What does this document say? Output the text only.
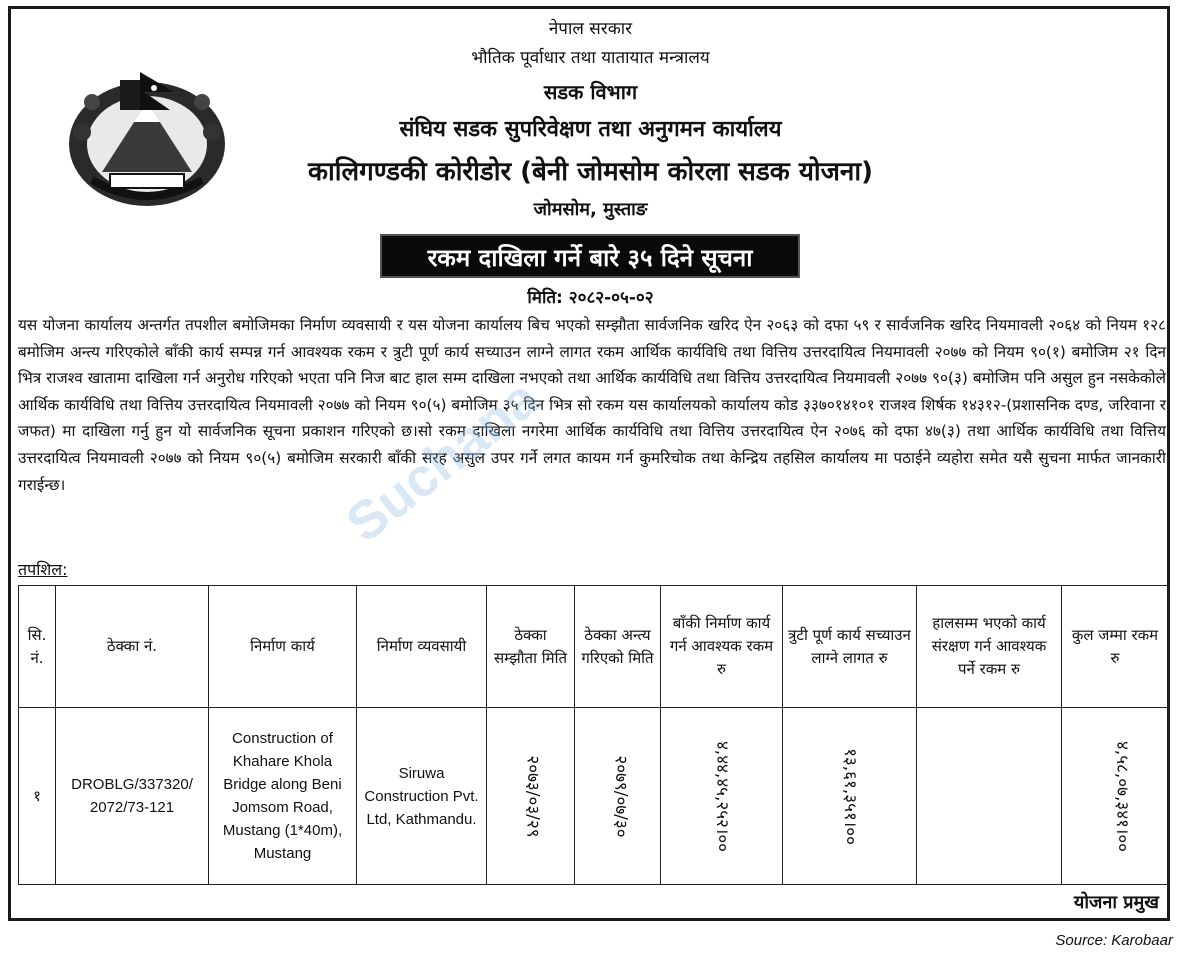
नेपाल सरकार
भौतिक पूर्वाधार तथा यातायात मन्त्रालय
सडक विभाग
संघिय सडक सुपरिवेक्षण तथा अनुगमन कार्यालय
कालिगण्डकी कोरीडोर (बेनी जोमसोम कोरला सडक योजना)
जोमसोम, मुस्ताङ
रकम दाखिला गर्ने बारे ३५ दिने सूचना
मिति: २०८२-०५-०२
यस योजना कार्यालय अन्तर्गत तपशील बमोजिमका निर्माण व्यवसायी र यस योजना कार्यालय बिच भएको सम्झौता सार्वजनिक खरिद ऐन २०६३ को दफा ५९ र सार्वजनिक खरिद नियमावली २०६४ को नियम १२८ बमोजिम अन्त्य गरिएकोले बाँकी कार्य सम्पन्न गर्न आवश्यक रकम र त्रुटी पूर्ण कार्य सच्याउन लाग्ने लागत रकम आर्थिक कार्यविधि तथा वित्तिय उत्तरदायित्व नियमावली २०७७ को नियम ९०(१) बमोजिम २१ दिन भित्र राजश्व खातामा दाखिला गर्न अनुरोध गरिएको भएता पनि निज बाट हाल सम्म दाखिला नभएको तथा आर्थिक कार्यविधि तथा वित्तिय उत्तरदायित्व नियमावली २०७७ ९०(३) बमोजिम पनि असुल हुन नसकेकोले आर्थिक कार्यविधि तथा वित्तिय उत्तरदायित्व नियमावली २०७७ को नियम ९०(५) बमोजिम ३५ दिन भित्र सो रकम यस कार्यालयको कार्यालय कोड ३३७०१४१०१ राजश्व शिर्षक १४३१२-(प्रशासनिक दण्ड, जरिवाना र जफत) मा दाखिला गर्नु हुन यो सार्वजनिक सूचना प्रकाशन गरिएको छ।सो रकम दाखिला नगरेमा आर्थिक कार्यविधि तथा वित्तिय उत्तरदायित्व ऐन २०७६ को दफा ४७(३) तथा आर्थिक कार्यविधि तथा वित्तिय उत्तरदायित्व नियमावली २०७७ को नियम ९०(५) बमोजिम सरकारी बाँकी सरह असुल उपर गर्ने लगत कायम गर्न कुमरिचोक तथा केन्द्रिय तहसिल कार्यालय मा पठाईने व्यहोरा समेत यसै सुचना मार्फत जानकारी गराईन्छ।
तपशिल:
सि. नं.	ठेक्का नं.	निर्माण कार्य	निर्माण व्यवसायी	ठेक्का सम्झौता मिति	ठेक्का अन्त्य गरिएको मिति	बाँकी निर्माण कार्य गर्न आवश्यक रकम रु	त्रुटी पूर्ण कार्य सच्याउन लाग्ने लागत रु	हालसम्म भएको कार्य संरक्षण गर्न आवश्यक पर्ने रकम रु	कुल जम्मा रकम रु
१	DROBLG/337320/ 2072/73-121	Construction of Khahare Khola Bridge along Beni Jomsom Road, Mustang (1*40m), Mustang	Siruwa Construction Pvt. Ltd, Kathmandu.	२०७३/०३/२९	२०७९/०७/३०	४,४४,४५,२५२।००	१३,६१,३५१।००		४,५८,०७,३४१।००
योजना प्रमुख
Source: Karobaar
Suchana
